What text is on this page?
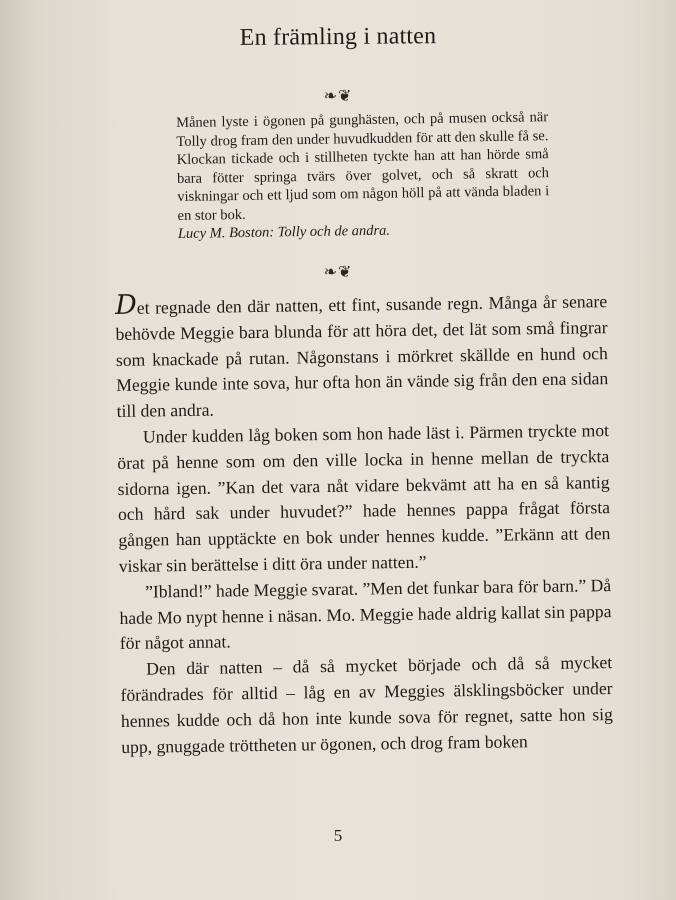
En främling i natten
❧❦

Månen lyste i ögonen på gunghästen, och på musen också när Tolly drog fram den under huvudkudden för att den skulle få se. Klockan tickade och i stillheten tyckte han att han hörde små bara fötter springa tvärs över golvet, och så skratt och viskningar och ett ljud som om någon höll på att vända bladen i en stor bok.

Lucy M. Boston: Tolly och de andra.

❧❦

Det regnade den där natten, ett fint, susande regn. Många år senare behövde Meggie bara blunda för att höra det, det lät som små fingrar som knackade på rutan. Någonstans i mörkret skällde en hund och Meggie kunde inte sova, hur ofta hon än vände sig från den ena sidan till den andra.

Under kudden låg boken som hon hade läst i. Pärmen tryckte mot örat på henne som om den ville locka in henne mellan de tryckta sidorna igen. ”Kan det vara nåt vidare bekvämt att ha en så kantig och hård sak under huvudet?” hade hennes pappa frågat första gången han upptäckte en bok under hennes kudde. ”Erkänn att den viskar sin berättelse i ditt öra under natten.”

”Ibland!” hade Meggie svarat. ”Men det funkar bara för barn.” Då hade Mo nypt henne i näsan. Mo. Meggie hade aldrig kallat sin pappa för något annat.

Den där natten – då så mycket började och då så mycket förändrades för alltid – låg en av Meggies älsklingsböcker under hennes kudde och då hon inte kunde sova för regnet, satte hon sig upp, gnuggade tröttheten ur ögonen, och drog fram boken

5
